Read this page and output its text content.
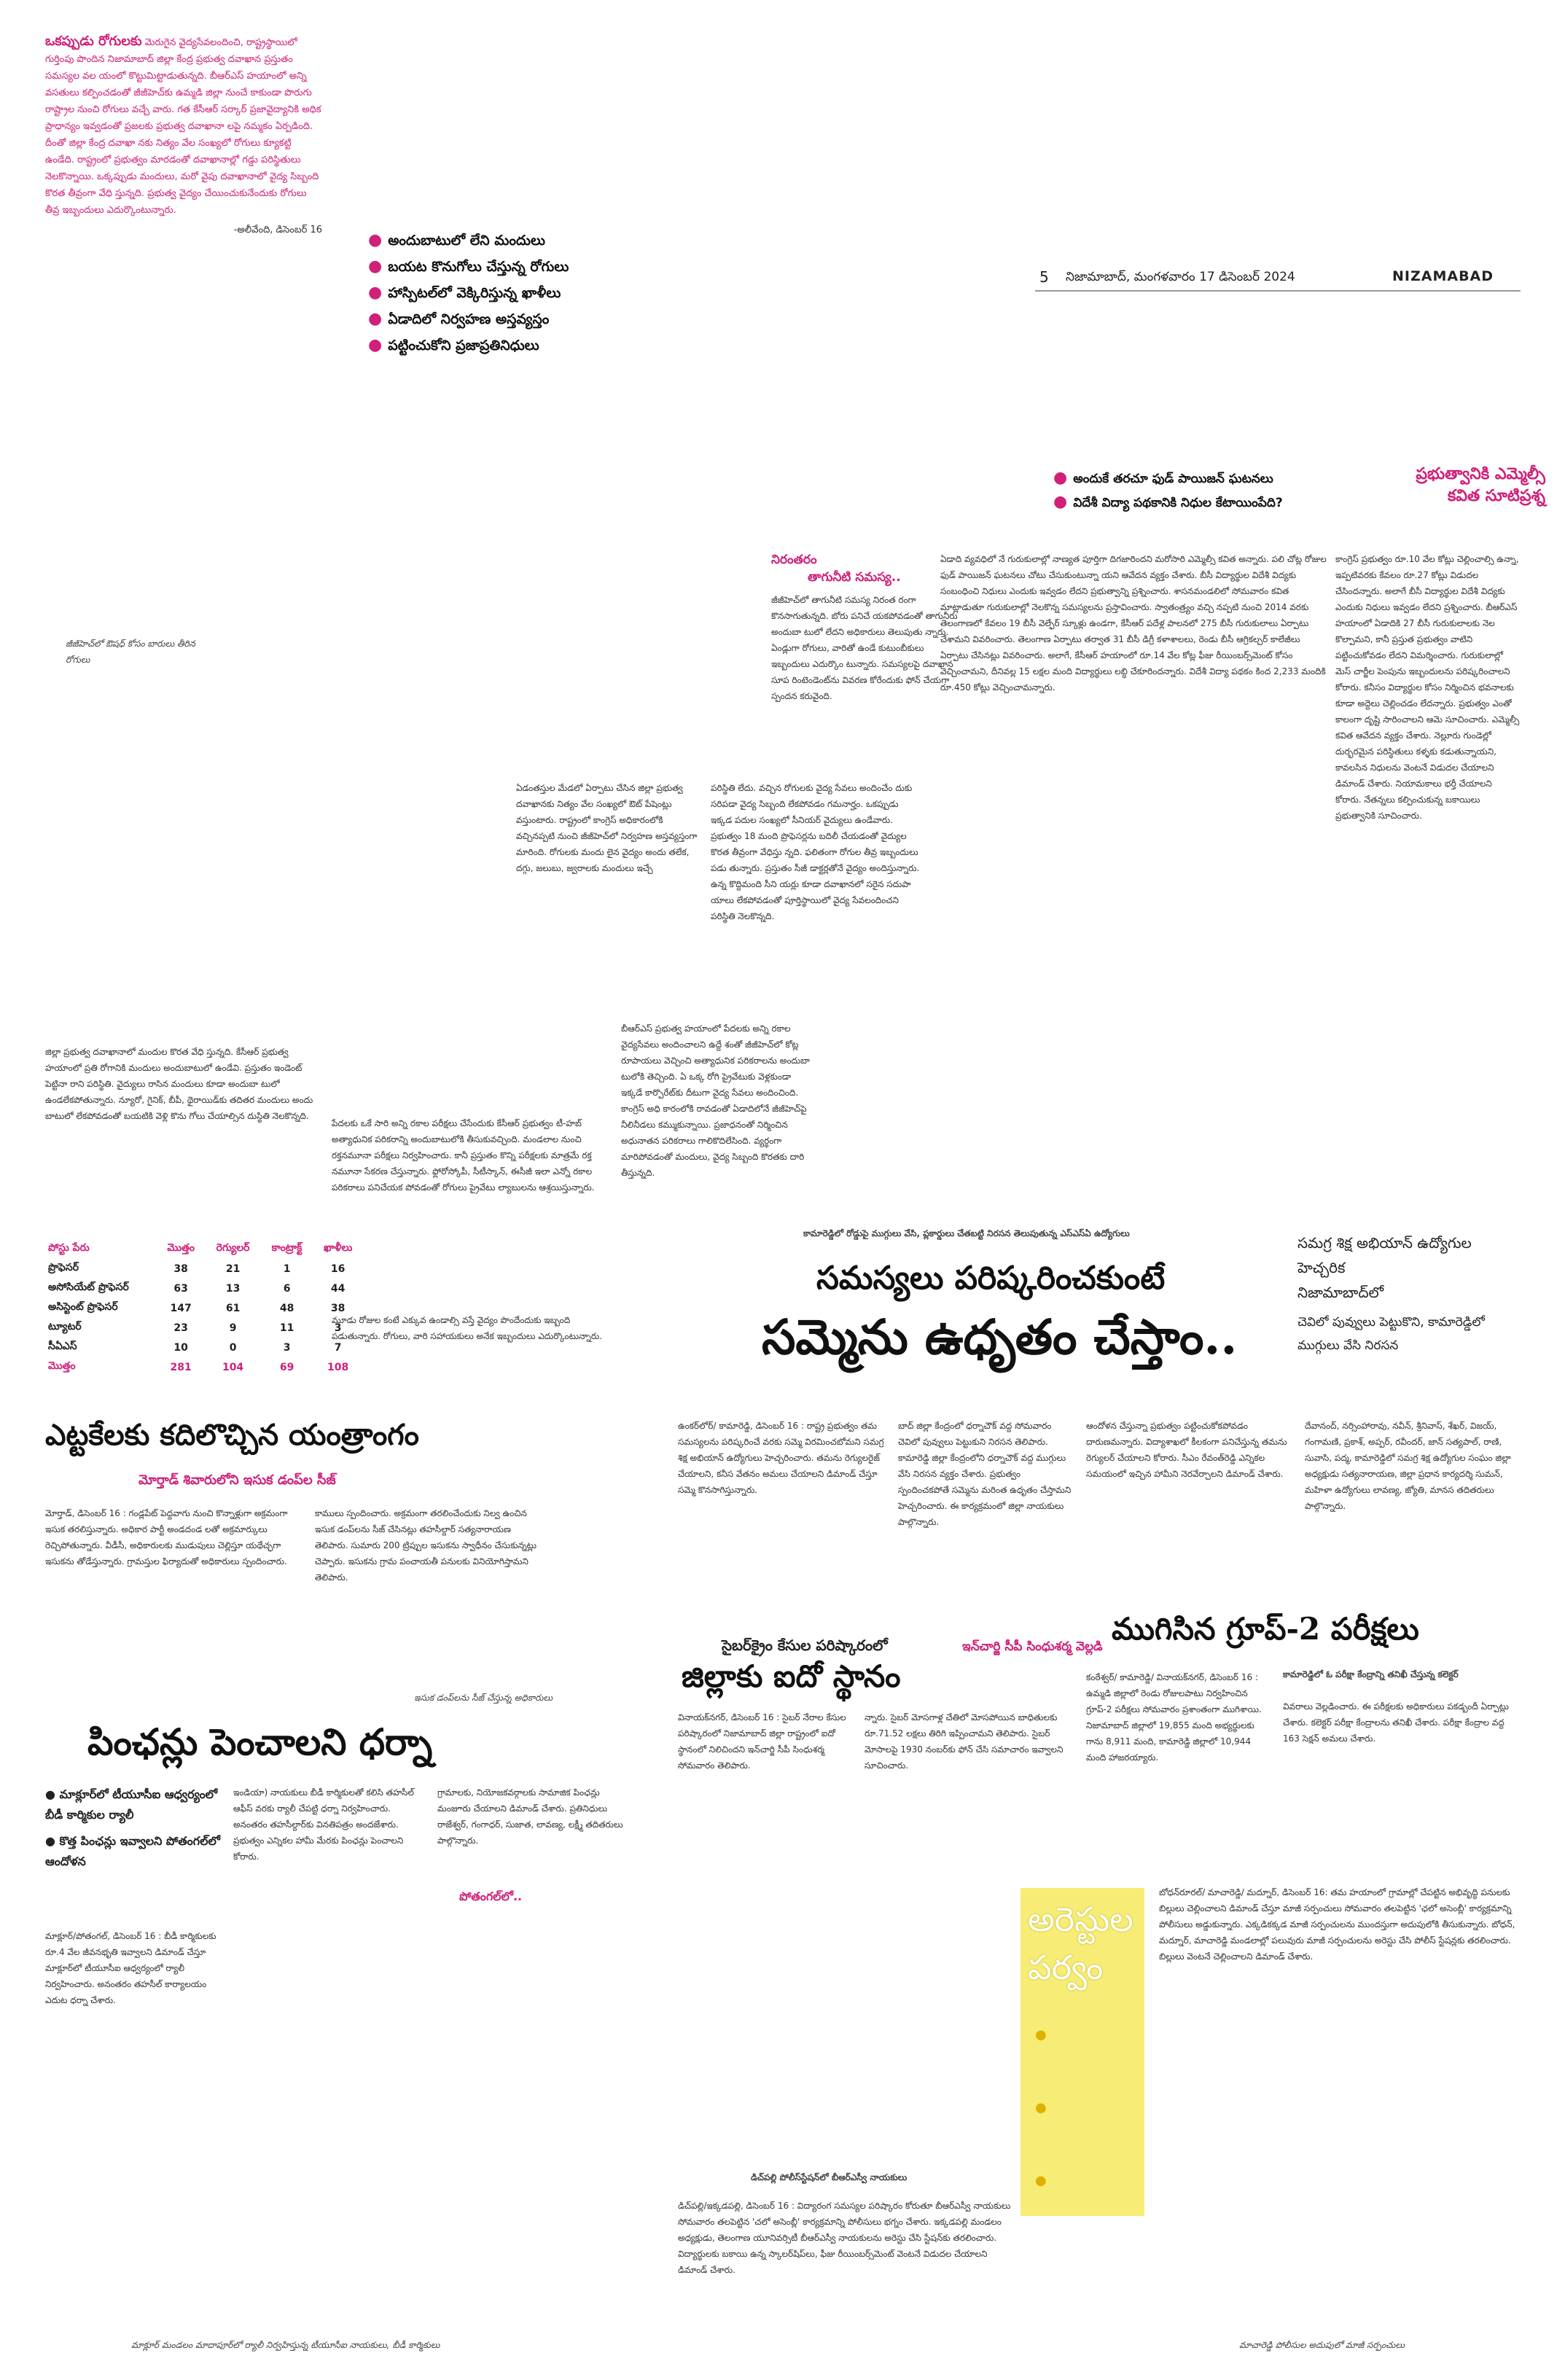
5 నిజామాబాద్, మంగళవారం 17 డిసెంబర్ 2024	NIZAMABAD

ఒకప్పుడు రోగులకు మెరుగైన వైద్యసేవలందించి, రాష్ట్రస్థాయిలో గుర్తింపు పొందిన నిజామాబాద్ జిల్లా కేంద్ర ప్రభుత్వ దవాఖాన ప్రస్తుతం సమస్యల వల యంలో కొట్టుమిట్టాడుతున్నది. బీఆర్ఎస్ హయాంలో అన్ని వసతులు కల్పించడంతో జీజీహెచ్‌కు ఉమ్మడి జిల్లా నుంచే కాకుండా పొరుగు రాష్ట్రాల నుంచి రోగులు వచ్చే వారు. గత కేసీఆర్ సర్కార్ ప్రజావైద్యానికి అధిక ప్రాధాన్యం ఇవ్వడంతో ప్రజలకు ప్రభుత్వ దవాఖానా లపై నమ్మకం ఏర్పడింది. దీంతో జిల్లా కేంద్ర దవాఖా నకు నిత్యం వేల సంఖ్యలో రోగులు క్యూకట్టి ఉండేది. రాష్ట్రంలో ప్రభుత్వం మారడంతో దవాఖానాల్లో గడ్డు పరిస్థితులు నెలకొన్నాయి. ఒక్కప్పుడు మందులు, మరో వైపు దవాఖానాలో వైద్య సిబ్బంది కొరత తీవ్రంగా వేధి స్తున్నది. ప్రభుత్వ వైద్యం చేయించుకునేందుకు రోగులు తీవ్ర ఇబ్బందులు ఎదుర్కొంటున్నారు.

-అలీవేంది, డిసెంబర్ 16

● అందుబాటులో లేని మందులు
● బయట కొనుగోలు చేస్తున్న రోగులు
● హాస్పిటల్‌లో వెక్కిరిస్తున్న ఖాళీలు
● ఏడాదిలో నిర్వహణ అస్తవ్యస్తం
● పట్టించుకోని ప్రజాప్రతినిధులు
● అందుకే తరచూ ఫుడ్ పాయిజన్ ఘటనలు
● విదేశీ విద్యా పథకానికి నిధుల కేటాయింపేది?
ప్రభుత్వానికి ఎమ్మెల్సీ
కవిత సూటిప్రశ్న
నిరంతరం
తాగునీటి సమస్య..
జీజీహెచ్‌లో తాగునీటి సమస్య నిరంత రంగా కొనసాగుతున్నది. బోరు పనిచే యకపోవడంతో తాగునీరు అందుబా టులో లేదని అధికారులు తెలుపుతు న్నారు. ఏండ్లుగా రోగులు, వారితో ఉండే కుటుంబీకులు ఇబ్బందులు ఎదుర్కొం టున్నారు. సమస్యలపై దవాఖాన సూప రింటెండెంట్‌ను వివరణ కోరేందుకు ఫోన్ చేయగా స్పందన కరువైంది.
ఏడాది వ్యవధిలో నే గురుకులాల్లో నాణ్యత పూర్తిగా దిగజారిందని మరోసారి ఎమ్మెల్సీ కవిత అన్నారు. పలి చోట్ల రోజుల ఫుడ్ పాయిజన్ ఘటనలు చోటు చేసుకుంటున్నా యని ఆవేదన వ్యక్తం చేశారు. బీసీ విద్యార్థుల విదేశీ విద్యకు సంబంధించి నిధులు ఎందుకు ఇవ్వడం లేదని ప్రభుత్వాన్ని ప్రశ్నించారు. శాసనమండలిలో సోమవారం కవిత మాట్లాడుతూ గురుకులాల్లో నెలకొన్న సమస్యలను ప్రస్తావించారు. స్వాతంత్ర్యం వచ్చి నప్పటి నుంచి 2014 వరకు తెలంగాణలో కేవలం 19 బీసీ వెల్ఫేర్ స్కూళ్లు ఉండగా, కేసీఆర్ పదేళ్ల పాలనలో 275 బీసీ గురుకులాలు ఏర్పాటు చేశామని వివరించారు. తెలంగాణ ఏర్పాటు తర్వాత 31 బీసీ డిగ్రీ కళాశాలలు, రెండు బీసీ ఆగ్రికల్చర్ కాలేజీలు ఏర్పాటు చేసినట్లు వివరించారు. అలాగే, కేసీఆర్ హయాంలో రూ.14 వేల కోట్ల ఫీజు రీయింబర్స్‌మెంట్ కోసం వెచ్చించామని, దీనివల్ల 15 లక్షల మంది విద్యార్థులు లబ్ధి చేకూరిందన్నారు. విదేశీ విద్యా పథకం కింద 2,233 మందికి రూ.450 కోట్లు వెచ్చించామన్నారు.
కాంగ్రెస్ ప్రభుత్వం రూ.10 వేల కోట్లు చెల్లించాల్సి ఉన్నా, ఇప్పటివరకు కేవలం రూ.27 కోట్లు విడుదల చేసిందన్నారు. అలాగే బీసీ విద్యార్థుల విదేశీ విద్యకు ఎందుకు నిధులు ఇవ్వడం లేదని ప్రశ్నించారు. బీఆర్ఎస్ హయాంలో ఏడాదికి 27 బీసీ గురుకులాలకు నెల కొల్పామని, కానీ ప్రస్తుత ప్రభుత్వం వాటిని పట్టించుకోవడం లేదని విమర్శించారు. గురుకులాల్లో మెస్ చార్జీల పెంపును ఇబ్బందులను పరిష్కరించాలని కోరారు. కనీసం విద్యార్థుల కోసం నిర్మించిన భవనాలకు కూడా అద్దెలు చెల్లించడం లేదన్నారు. ప్రభుత్వం ఎంతో కాలంగా దృష్టి సారించాలని ఆమె సూచించారు. ఎమ్మెల్సీ కవిత ఆవేదన వ్యక్తం చేశారు. నెల్లూరు గుండెల్లో దుర్భరమైన పరిస్థితులు కళ్ళకు కడుతున్నాయని, కావలసిన నిధులను వెంటనే విడుదల చేయాలని డిమాండ్ చేశారు. నియామకాలు భర్తీ చేయాలని కోరారు. నేతన్నలు కల్పించుకున్న బకాయిలు ప్రభుత్వానికి సూచించారు.
జీజీహెచ్‌లో ఔషధ్ కోసం బారులు తీరిన రోగులు
ఏడంతస్తుల మేడలో ఏర్పాటు చేసిన జిల్లా ప్రభుత్వ దవాఖానకు నిత్యం వేల సంఖ్యలో ఔట్ పేషెంట్లు వస్తుంటారు. రాష్ట్రంలో కాంగ్రెస్ అధికారంలోకి వచ్చినప్పటి నుంచి జీజీహెచ్‌లో నిర్వహణ అస్తవ్యస్తంగా మారింది. రోగులకు మందు లైన వైద్యం అందు తలేక, దగ్గు, జలుబు, జ్వరాలకు మందులు ఇచ్చే
పరిస్థితి లేదు. వచ్చిన రోగులకు వైద్య సేవలు అందించేం దుకు సరిపడా వైద్య సిబ్బంది లేకపోవడం గమనార్హం. ఒకప్పుడు ఇక్కడ పదుల సంఖ్యలో సీనియర్ వైద్యులు ఉండేవారు. ప్రభుత్వం 18 మంది ప్రొఫెసర్లను బదిలీ చేయడంతో వైద్యుల కొరత తీవ్రంగా వేధిస్తు న్నది. ఫలితంగా రోగుల తీవ్ర ఇబ్బందులు పడు తున్నారు. ప్రస్తుతం సీజీ డాక్టర్లతోనే వైద్యం అందిస్తున్నారు. ఉన్న కొద్దిమంది సీని యర్లు కూడా దవాఖానలో సరైన సదుపా యాలు లేకపోవడంతో పూర్తిస్థాయిలో వైద్య సేవలందించని పరిస్థితి నెలకొన్నది.
జిల్లా ప్రభుత్వ దవాఖానాలో మందుల కొరత వేధి స్తున్నది. కేసీఆర్ ప్రభుత్వ హయాంలో ప్రతి రోగానికి మందులు అందుబాటులో ఉండేవి. ప్రస్తుతం ఇండెంట్ పెట్టినా రాని పరిస్థితి. వైద్యులు రాసిన మందులు కూడా అందుబా టులో ఉండలేకపోతున్నారు. న్యూరో, గైనిక్, బీపీ, థైరాయిడ్‌కు తదితర మందులు అందు బాటులో లేకపోవడంతో బయటికి వెళ్లి కొను గోలు చేయాల్సిన దుస్థితి నెలకొన్నది.
బీఆర్ఎస్ ప్రభుత్వ హయాంలో పేదలకు అన్ని రకాల వైద్యసేవలు అందించాలని ఉద్దే శంతో జీజీహెచ్‌లో కోట్ల రూపాయలు వెచ్చించి అత్యాధునిక పరికరాలను అందుబా టులోకి తెచ్చింది. ఏ ఒక్క రోగి ప్రైవేటుకు వెళ్లకుండా ఇక్కడే కార్పొరేట్‌కు దీటుగా వైద్య సేవలు అందించింది. కాంగ్రెస్ అధి కారంలోకి రావడంతో ఏడాదిలోనే జీజీహెచ్‌పై నీలినీడలు కమ్ముకున్నాయి. ప్రజాధనంతో నిర్మించిన అధునాతన పరికరాలు గాలికొదిలేసింది. వ్యర్థంగా మారిపోవడంతో మందులు, వైద్య సిబ్బంది కొరతకు దారి తీస్తున్నది.
పేదలకు ఒకే సారి అన్ని రకాల పరీక్షలు చేసేందుకు కేసీఆర్ ప్రభుత్వం టీ-హబ్ అత్యాధునిక పరికరాన్ని అందుబాటులోకి తీసుకువచ్చింది. మండలాల నుంచి రక్తనమూనా పరీక్షలు నిర్వహించారు. కానీ ప్రస్తుతం కొన్ని పరీక్షలకు మాత్రమే రక్త నమూనా సేకరణ చేస్తున్నారు. ఫ్లోరోస్కోపీ, సీటీస్కాన్, ఈసీజీ ఇలా ఎన్నో రకాల పరికరాలు పనిచేయక పోవడంతో రోగులు ప్రైవేటు ల్యాబులను ఆశ్రయిస్తున్నారు.
మూడు రోజుల కంటే ఎక్కువ ఉండాల్సి వస్తే వైద్యం పొందేందుకు ఇబ్బంది పడుతున్నారు. రోగులు, వారి సహాయకులు అనేక ఇబ్బందులు ఎదుర్కొంటున్నారు.
పోస్టు పేరు	మొత్తం	రెగ్యులర్	కాంట్రాక్ట్	ఖాళీలు
ప్రొఫెసర్	38	21	1	16
అసోసియేట్ ప్రొఫెసర్	63	13	6	44
అసిస్టెంట్ ప్రొఫెసర్	147	61	48	38
ట్యూటర్	23	9	11	3
సీఏఎస్	10	0	3	7
మొత్తం	281	104	69	108
కామారెడ్డిలో రోడ్డుపై ముగ్గులు వేసి, ప్లకార్డులు చేతబట్టి నిరసన తెలుపుతున్న ఎస్ఎస్ఏ ఉద్యోగులు
సమస్యలు పరిష్కరించకుంటే
సమ్మెను ఉధృతం చేస్తాం..
సమగ్ర శిక్ష అభియాన్ ఉద్యోగుల హెచ్చరిక
నిజామాబాద్‌లో
చెవిలో పువ్వులు పెట్టుకొని, కామారెడ్డిలో ముగ్గులు వేసి నిరసన
ఉంకర్‌లోర్/ కామారెడ్డి, డిసెంబర్ 16 : రాష్ట్ర ప్రభుత్వం తమ సమస్యలను పరిష్కరించే వరకు సమ్మె విరమించబోమని సమగ్ర శిక్ష అభియాన్ ఉద్యోగులు హెచ్చరించారు. తమను రెగ్యులరైజ్ చేయాలని, కనీస వేతనం అమలు చేయాలని డిమాండ్ చేస్తూ సమ్మె కొనసాగిస్తున్నారు.
బాద్ జిల్లా కేంద్రంలో ధర్నాచౌక్ వద్ద సోమవారం చెవిలో పువ్వులు పెట్టుకుని నిరసన తెలిపారు. కామారెడ్డి జిల్లా కేంద్రంలోని ధర్నాచౌక్ వద్ద ముగ్గులు వేసి నిరసన వ్యక్తం చేశారు. ప్రభుత్వం స్పందించకపోతే సమ్మెను మరింత ఉధృతం చేస్తామని హెచ్చరించారు. ఈ కార్యక్రమంలో జిల్లా నాయకులు పాల్గొన్నారు.
ఆందోళన చేస్తున్నా ప్రభుత్వం పట్టించుకోకపోవడం దారుణమన్నారు. విద్యాశాఖలో కీలకంగా పనిచేస్తున్న తమను రెగ్యులర్ చేయాలని కోరారు. సీఎం రేవంత్‌రెడ్డి ఎన్నికల సమయంలో ఇచ్చిన హామీని నెరవేర్చాలని డిమాండ్ చేశారు.
దేవానంద్, నర్సింహారావు, నవీన్, శ్రీనివాస్, శేఖర్, విజయ్, గంగామణి, ప్రకాశ్, అప్పర్, రవీందర్, జాన్ సత్యపాల్, రాణి, సువాసి, పద్మ, కామారెడ్డిలో సమగ్ర శిక్ష ఉద్యోగుల సంఘం జిల్లా అధ్యక్షుడు సత్యనారాయణ, జిల్లా ప్రధాన కార్యదర్శి సుమన్, మహిళా ఉద్యోగులు లావణ్య, జ్యోతి, మానస తదితరులు పాల్గొన్నారు.
ఎట్టకేలకు కదిలొచ్చిన యంత్రాంగం
మోర్తాడ్ శివారులోని ఇసుక డంప్‌ల సీజ్
మోర్తాడ్, డిసెంబర్ 16 : గండ్లపేట్ పెద్దవాగు నుంచి కొన్నాళ్లుగా అక్రమంగా ఇసుక తరలిస్తున్నారు. అధికార పార్టీ అండదండ లతో అక్రమార్కులు రెచ్చిపోతున్నారు. వీడీసీ, అధికారులకు ముడుపులు చెల్లిస్తూ యథేచ్ఛగా ఇసుకను తోడేస్తున్నారు. గ్రామస్తుల ఫిర్యాదుతో అధికారులు స్పందించారు.
కాములు స్పందించారు. అక్రమంగా తరలించేందుకు నిల్వ ఉంచిన ఇసుక డంప్‌లను సీజ్ చేసినట్లు తహసీల్దార్ సత్యనారాయణ తెలిపారు. సుమారు 200 ట్రిప్పుల ఇసుకను స్వాధీనం చేసుకున్నట్లు చెప్పారు. ఇసుకను గ్రామ పంచాయతీ పనులకు వినియోగిస్తామని తెలిపారు.
ఇసుక డంప్‌లను సీజ్ చేస్తున్న అధికారులు
పింఛన్లు పెంచాలని ధర్నా
● మాక్లూర్‌లో టీయూసీఐ ఆధ్వర్యంలో బీడీ కార్మికుల ర్యాలీ
● కొత్త పింఛన్లు ఇవ్వాలని పోతంగల్‌లో ఆందోళన
మాక్లూర్/పోతంగల్, డిసెంబర్ 16 : బీడీ కార్మికులకు రూ.4 వేల జీవనభృతి ఇవ్వాలని డిమాండ్ చేస్తూ మాక్లూర్‌లో టీయూసీఐ ఆధ్వర్యంలో ర్యాలీ నిర్వహించారు. అనంతరం తహసీల్ కార్యాలయం ఎదుట ధర్నా చేశారు.
ఇండియా) నాయకులు బీడీ కార్మికులతో కలిసి తహసీల్ ఆఫీస్ వరకు ర్యాలీ చేపట్టి ధర్నా నిర్వహించారు. అనంతరం తహసీల్దార్‌కు వినతిపత్రం అందజేశారు. ప్రభుత్వం ఎన్నికల హామీ మేరకు పింఛన్లు పెంచాలని కోరారు.
పోతంగల్‌లో..
గ్రామాలకు, నియోజకవర్గాలకు సామాజిక పింఛన్లు మంజూరు చేయాలని డిమాండ్ చేశారు. ప్రతినిధులు రాజేశ్వర్, గంగాధర్, సుజాత, లావణ్య, లక్ష్మీ తదితరులు పాల్గొన్నారు.
సైబర్‌క్రైం కేసుల పరిష్కారంలో
జిల్లాకు ఐదో స్థానం
ఇన్‌చార్జి సీపీ సింధుశర్మ వెల్లడి
వినాయక్‌నగర్, డిసెంబర్ 16 : సైబర్ నేరాల కేసుల పరిష్కారంలో నిజామాబాద్ జిల్లా రాష్ట్రంలో ఐదో స్థానంలో నిలిచిందని ఇన్‌చార్జి సీపీ సింధుశర్మ సోమవారం తెలిపారు.
న్నారు. సైబర్ మోసగాళ్ల చేతిలో మోసపోయిన బాధితులకు రూ.71.52 లక్షలు తిరిగి ఇప్పించామని తెలిపారు. సైబర్ మోసాలపై 1930 నంబర్‌కు ఫోన్ చేసి సమాచారం ఇవ్వాలని సూచించారు.
ముగిసిన గ్రూప్-2 పరీక్షలు
కంఠేశ్వర్/ కామారెడ్డి/ వినాయక్‌నగర్, డిసెంబర్ 16 : ఉమ్మడి జిల్లాలో రెండు రోజులపాటు నిర్వహించిన గ్రూప్-2 పరీక్షలు సోమవారం ప్రశాంతంగా ముగిశాయి. నిజామాబాద్ జిల్లాలో 19,855 మంది అభ్యర్థులకు గాను 8,911 మంది, కామారెడ్డి జిల్లాలో 10,944 మంది హాజరయ్యారు.
కామారెడ్డిలో ఓ పరీక్షా కేంద్రాన్ని తనిఖీ చేస్తున్న కలెక్టర్
వివరాలు వెల్లడించారు. ఈ పరీక్షలకు అధికారులు పకడ్బందీ ఏర్పాట్లు చేశారు. కలెక్టర్ పరీక్షా కేంద్రాలను తనిఖీ చేశారు. పరీక్షా కేంద్రాల వద్ద 163 సెక్షన్ అమలు చేశారు.
అరెస్టుల పర్వం
●
●
●
బోధన్‌రూరల్/ మాచారెడ్డి/ మద్నూర్, డిసెంబర్ 16: తమ హయాంలో గ్రామాల్లో చేపట్టిన అభివృద్ధి పనులకు బిల్లులు చెల్లించాలని డిమాండ్ చేస్తూ మాజీ సర్పంచులు సోమవారం తలపెట్టిన 'ఛలో అసెంబ్లీ' కార్యక్రమాన్ని పోలీసులు అడ్డుకున్నారు. ఎక్కడికక్కడ మాజీ సర్పంచులను ముందస్తుగా అదుపులోకి తీసుకున్నారు. బోధన్, మద్నూర్, మాచారెడ్డి మండలాల్లో పలువురు మాజీ సర్పంచులను అరెస్టు చేసి పోలీస్ స్టేషన్లకు తరలించారు. బిల్లులు వెంటనే చెల్లించాలని డిమాండ్ చేశారు.
మాచారెడ్డి పోలీసుల అదుపులో మాజీ సర్పంచులు
డిచ్‌పల్లి పోలీస్‌స్టేషన్‌లో బీఆర్ఎస్వీ నాయకులు
డిచ్‌పల్లి/ఇక్కడపల్లి, డిసెంబర్ 16 : విద్యారంగ సమస్యల పరిష్కారం కోరుతూ బీఆర్ఎస్వీ నాయకులు సోమవారం తలపెట్టిన 'చలో అసెంబ్లీ' కార్యక్రమాన్ని పోలీసులు భగ్నం చేశారు. ఇక్కడపల్లి మండలం అధ్యక్షుడు, తెలంగాణ యూనివర్సిటీ బీఆర్ఎస్వీ నాయకులను అరెస్టు చేసి స్టేషన్‌కు తరలించారు. విద్యార్థులకు బకాయి ఉన్న స్కాలర్‌షిప్‌లు, ఫీజు రీయింబర్స్‌మెంట్ వెంటనే విడుదల చేయాలని డిమాండ్ చేశారు.
మాక్లూర్ మండలం మాదాపూర్‌లో ర్యాలీ నిర్వహిస్తున్న టీయూసీఐ నాయకులు, బీడీ కార్మికులు
